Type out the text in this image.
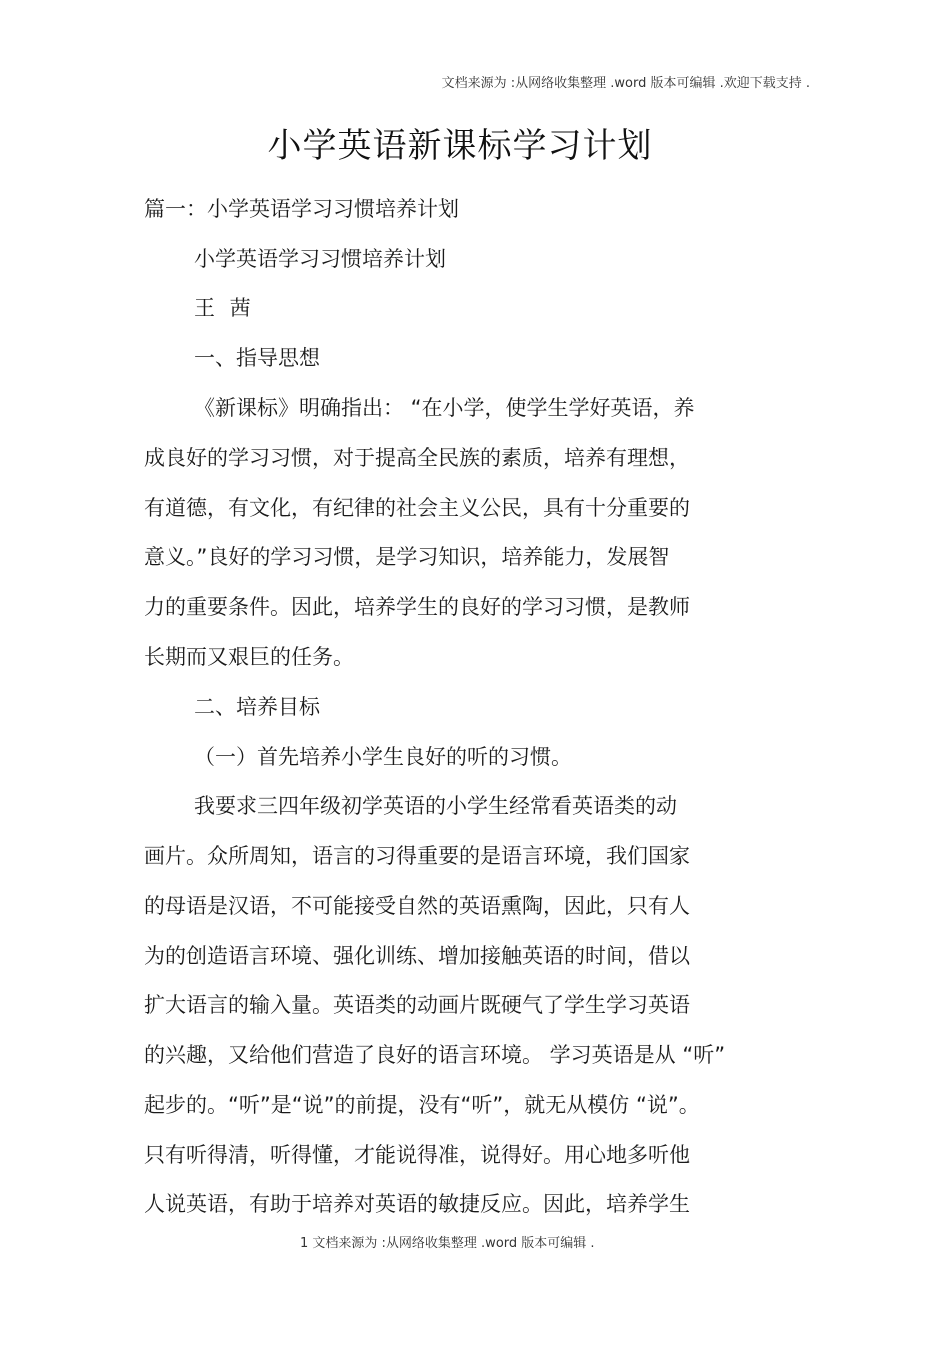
文档来源为 :从网络收集整理 .word 版本可编辑 .欢迎下载支持 .
小学英语新课标学习计划
篇一：小学英语学习习惯培养计划
小学英语学习习惯培养计划
王 茜
一、指导思想
《新课标》明确指出： “在小学，使学生学好英语，养
成良好的学习习惯，对于提高全民族的素质，培养有理想，
有道德，有文化，有纪律的社会主义公民，具有十分重要的
意义。”良好的学习习惯，是学习知识，培养能力，发展智
力的重要条件。因此，培养学生的良好的学习习惯，是教师
长期而又艰巨的任务。
二、培养目标
（一）首先培养小学生良好的听的习惯。
我要求三四年级初学英语的小学生经常看英语类的动
画片。众所周知，语言的习得重要的是语言环境，我们国家
的母语是汉语，不可能接受自然的英语熏陶，因此，只有人
为的创造语言环境、强化训练、增加接触英语的时间，借以
扩大语言的输入量。英语类的动画片既硬气了学生学习英语
的兴趣，又给他们营造了良好的语言环境。 学习英语是从 “听”
起步的。“听”是“说”的前提，没有“听”，就无从模仿 “说”。
只有听得清，听得懂，才能说得准，说得好。用心地多听他
人说英语，有助于培养对英语的敏捷反应。因此，培养学生
1 文档来源为 :从网络收集整理 .word 版本可编辑 .
